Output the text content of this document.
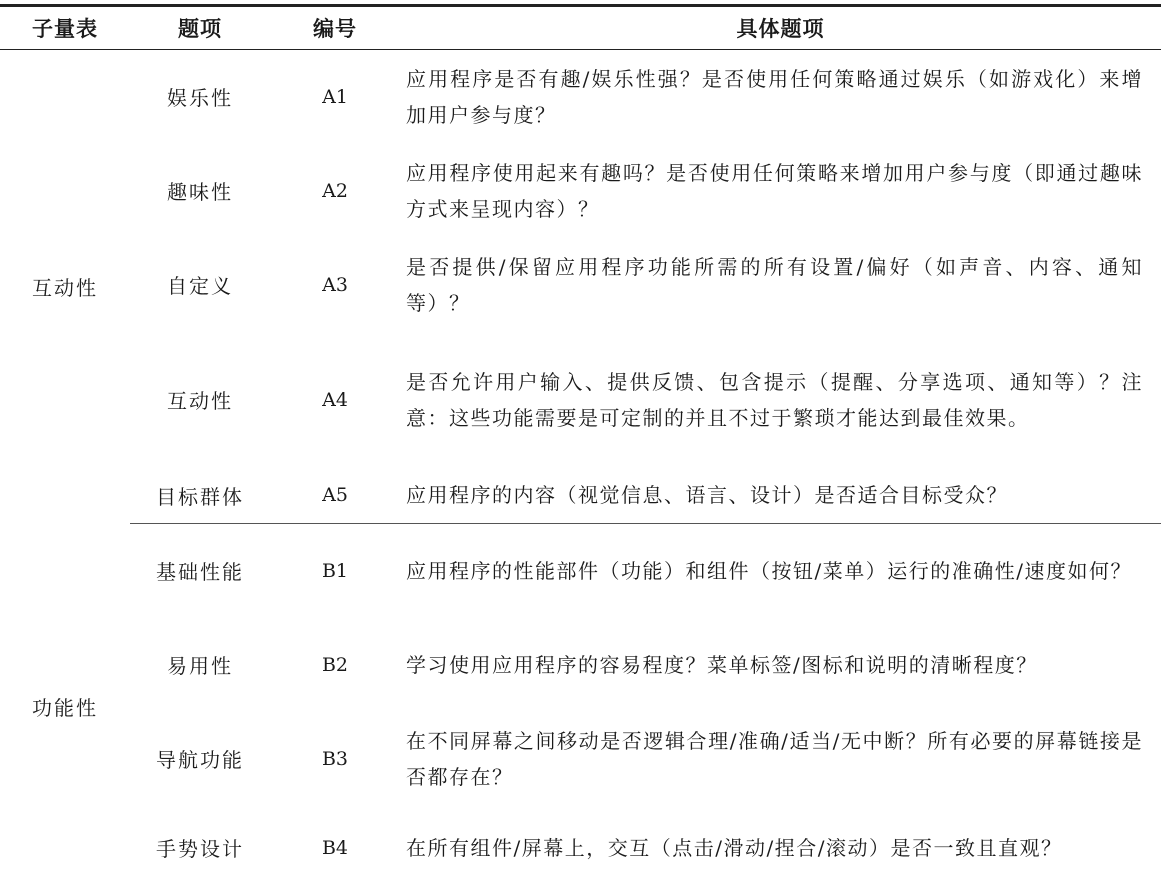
子量表	题项	编号	具体题项
互动性	娱乐性	A1	应用程序是否有趣/娱乐性强？是否使用任何策略通过娱乐（如游戏化）来增加用户参与度？
	趣味性	A2	应用程序使用起来有趣吗？是否使用任何策略来增加用户参与度（即通过趣味方式来呈现内容）？
	自定义	A3	是否提供/保留应用程序功能所需的所有设置/偏好（如声音、内容、通知等）？
	互动性	A4	是否允许用户输入、提供反馈、包含提示（提醒、分享选项、通知等）？注意：这些功能需要是可定制的并且不过于繁琐才能达到最佳效果。
	目标群体	A5	应用程序的内容（视觉信息、语言、设计）是否适合目标受众？
功能性	基础性能	B1	应用程序的性能部件（功能）和组件（按钮/菜单）运行的准确性/速度如何？
	易用性	B2	学习使用应用程序的容易程度？菜单标签/图标和说明的清晰程度？
	导航功能	B3	在不同屏幕之间移动是否逻辑合理/准确/适当/无中断？所有必要的屏幕链接是否都存在？
	手势设计	B4	在所有组件/屏幕上，交互（点击/滑动/捏合/滚动）是否一致且直观？
